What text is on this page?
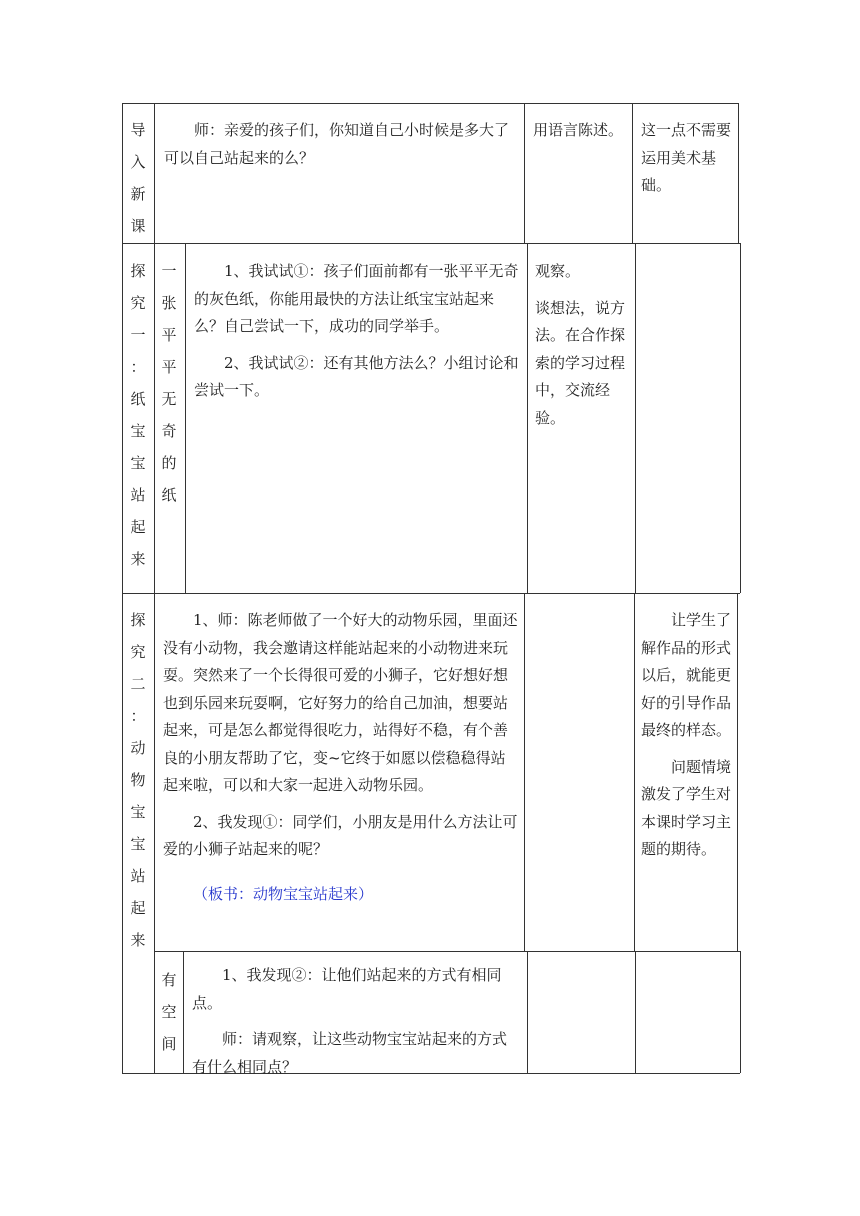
导
入
新
课

师：亲爱的孩子们，你知道自己小时候是多大了可以自己站起来的么？

用语言陈述。 这一点不需要运用美术基础。

探
究
一
：
纸
宝
宝
站
起
来
一
张
平
平
无
奇
的
纸

1、我试试①：孩子们面前都有一张平平无奇的灰色纸，你能用最快的方法让纸宝宝站起来么？自己尝试一下，成功的同学举手。

2、我试试②：还有其他方法么？小组讨论和尝试一下。

观察。

谈想法，说方法。在合作探索的学习过程中，交流经验。

探
究
二
：
动
物
宝
宝
站
起
来

1、师：陈老师做了一个好大的动物乐园，里面还没有小动物，我会邀请这样能站起来的小动物进来玩耍。突然来了一个长得很可爱的小狮子，它好想好想也到乐园来玩耍啊，它好努力的给自己加油，想要站起来，可是怎么都觉得很吃力，站得好不稳，有个善良的小朋友帮助了它，变~它终于如愿以偿稳稳得站起来啦，可以和大家一起进入动物乐园。

2、我发现①：同学们，小朋友是用什么方法让可爱的小狮子站起来的呢？

（板书：动物宝宝站起来）

让学生了解作品的形式以后，就能更好的引导作品最终的样态。

问题情境激发了学生对本课时学习主题的期待。

有
空
间

1、我发现②：让他们站起来的方式有相同点。

师：请观察，让这些动物宝宝站起来的方式有什么相同点？
